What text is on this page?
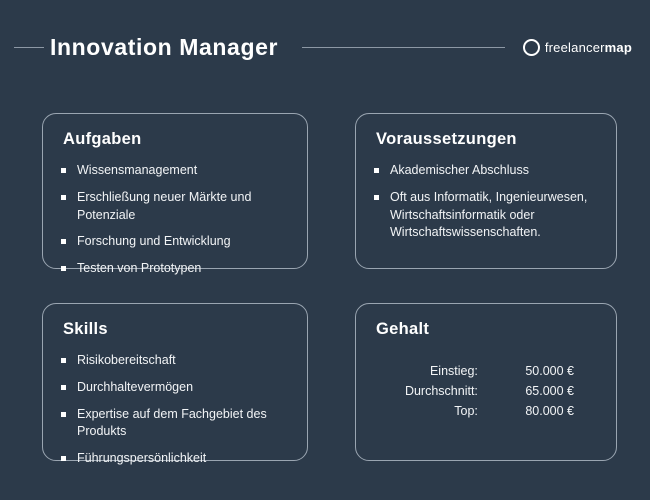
Innovation Manager	freelancermap
Aufgaben
Wissensmanagement
Erschließung neuer Märkte und Potenziale
Forschung und Entwicklung
Testen von Prototypen
Voraussetzungen
Akademischer Abschluss
Oft aus Informatik, Ingenieurwesen, Wirtschaftsinformatik oder Wirtschaftswissenschaften.
Skills
Risikobereitschaft
Durchhaltevermögen
Expertise auf dem Fachgebiet des Produkts
Führungspersönlichkeit
Gehalt
Einstieg:	50.000 €
Durchschnitt:	65.000 €
Top:	80.000 €
